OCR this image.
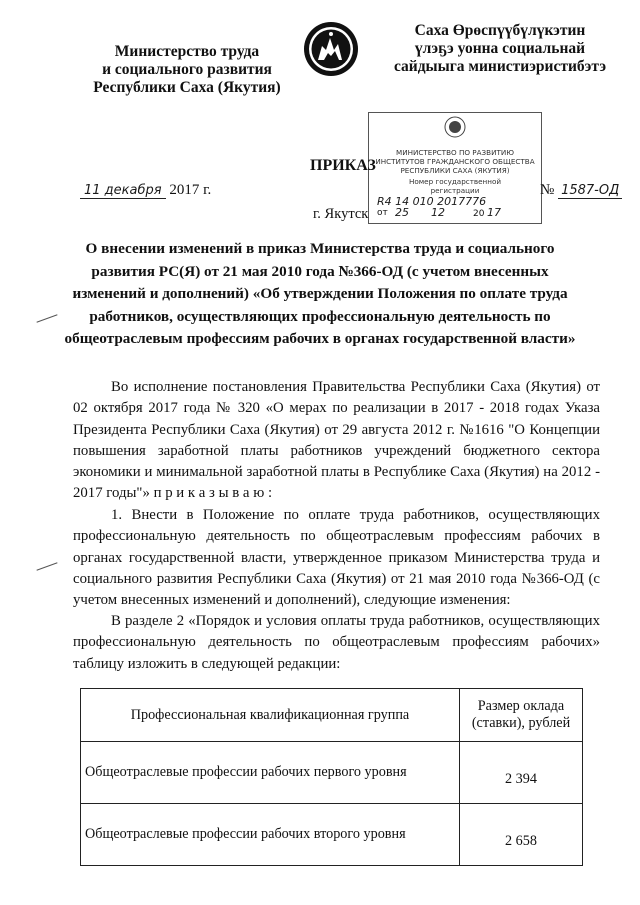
Министерство труда
и социального развития
Республики Саха (Якутия)
Саха Өрөспүүбүлүкэтин
үлэҕэ уонна социальнай
сайдыыга министиэристибэтэ
МИНИСТЕРСТВО ПО РАЗВИТИЮ
ИНСТИТУТОВ ГРАЖДАНСКОГО ОБЩЕСТВА
РЕСПУБЛИКИ САХА (ЯКУТИЯ)
Номер государственной
регистрации
R4 14 010 2017776
от 25 12	20 17
ПРИКАЗ
11 декабря 2017 г.
г. Якутск
№ 1587-ОД
О внесении изменений в приказ Министерства труда и социального развития РС(Я) от 21 мая 2010 года №366-ОД (с учетом внесенных изменений и дополнений) «Об утверждении Положения по оплате труда работников, осуществляющих профессиональную деятельность по общеотраслевым профессиям рабочих в органах государственной власти»
Во исполнение постановления Правительства Республики Саха (Якутия) от 02 октября 2017 года № 320 «О мерах по реализации в 2017 - 2018 годах Указа Президента Республики Саха (Якутия) от 29 августа 2012 г. №1616 "О Концепции повышения заработной платы работников учреждений бюджетного сектора экономики и минимальной заработной платы в Республике Саха (Якутия) на 2012 - 2017 годы"» п р и к а з ы в а ю :
1. Внести в Положение по оплате труда работников, осуществляющих профессиональную деятельность по общеотраслевым профессиям рабочих в органах государственной власти, утвержденное приказом Министерства труда и социального развития Республики Саха (Якутия) от 21 мая 2010 года №366-ОД (с учетом внесенных изменений и дополнений), следующие изменения:
В разделе 2 «Порядок и условия оплаты труда работников, осуществляющих профессиональную деятельность по общеотраслевым профессиям рабочих» таблицу изложить в следующей редакции:
Профессиональная квалификационная группа	Размер оклада (ставки), рублей
Общеотраслевые профессии рабочих первого уровня	2 394
Общеотраслевые профессии рабочих второго уровня	2 658
